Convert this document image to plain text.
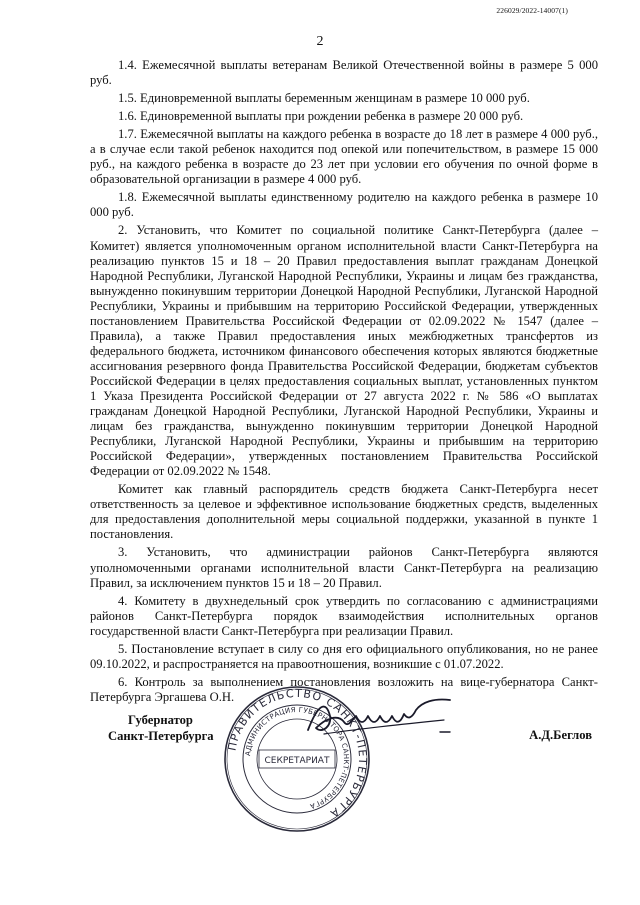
226029/2022-14007(1)
2

1.4. Ежемесячной выплаты ветеранам Великой Отечественной войны в размере 5 000 руб.

1.5. Единовременной выплаты беременным женщинам в размере 10 000 руб.

1.6. Единовременной выплаты при рождении ребенка в размере 20 000 руб.

1.7. Ежемесячной выплаты на каждого ребенка в возрасте до 18 лет в размере 4 000 руб., а в случае если такой ребенок находится под опекой или попечительством, в размере 15 000 руб., на каждого ребенка в возрасте до 23 лет при условии его обучения по очной форме в образовательной организации в размере 4 000 руб.

1.8. Ежемесячной выплаты единственному родителю на каждого ребенка в размере 10 000 руб.

2. Установить, что Комитет по социальной политике Санкт-Петербурга (далее – Комитет) является уполномоченным органом исполнительной власти Санкт-Петербурга на реализацию пунктов 15 и 18 – 20 Правил предоставления выплат гражданам Донецкой Народной Республики, Луганской Народной Республики, Украины и лицам без гражданства, вынужденно покинувшим территории Донецкой Народной Республики, Луганской Народной Республики, Украины и прибывшим на территорию Российской Федерации, утвержденных постановлением Правительства Российской Федерации от 02.09.2022 № 1547 (далее – Правила), а также Правил предоставления иных межбюджетных трансфертов из федерального бюджета, источником финансового обеспечения которых являются бюджетные ассигнования резервного фонда Правительства Российской Федерации, бюджетам субъектов Российской Федерации в целях предоставления социальных выплат, установленных пунктом 1 Указа Президента Российской Федерации от 27 августа 2022 г. № 586 «О выплатах гражданам Донецкой Народной Республики, Луганской Народной Республики, Украины и лицам без гражданства, вынужденно покинувшим территории Донецкой Народной Республики, Луганской Народной Республики, Украины и прибывшим на территорию Российской Федерации», утвержденных постановлением Правительства Российской Федерации от 02.09.2022 № 1548.

Комитет как главный распорядитель средств бюджета Санкт-Петербурга несет ответственность за целевое и эффективное использование бюджетных средств, выделенных для предоставления дополнительной меры социальной поддержки, указанной в пункте 1 постановления.

3. Установить, что администрации районов Санкт-Петербурга являются уполномоченными органами исполнительной власти Санкт-Петербурга на реализацию Правил, за исключением пунктов 15 и 18 – 20 Правил.

4. Комитету в двухнедельный срок утвердить по согласованию с администрациями районов Санкт-Петербурга порядок взаимодействия исполнительных органов государственной власти Санкт-Петербурга при реализации Правил.

5. Постановление вступает в силу со дня его официального опубликования, но не ранее 09.10.2022, и распространяется на правоотношения, возникшие с 01.07.2022.

6. Контроль за выполнением постановления возложить на вице-губернатора Санкт-Петербурга Эргашева О.Н.

Губернатор
Санкт-Петербурга
ПРАВИТЕЛЬСТВО САНКТ-ПЕТЕРБУРГА
АДМИНИСТРАЦИЯ ГУБЕРНАТОРА САНКТ-ПЕТЕРБУРГА
СЕКРЕТАРИАТ
А.Д.Беглов
